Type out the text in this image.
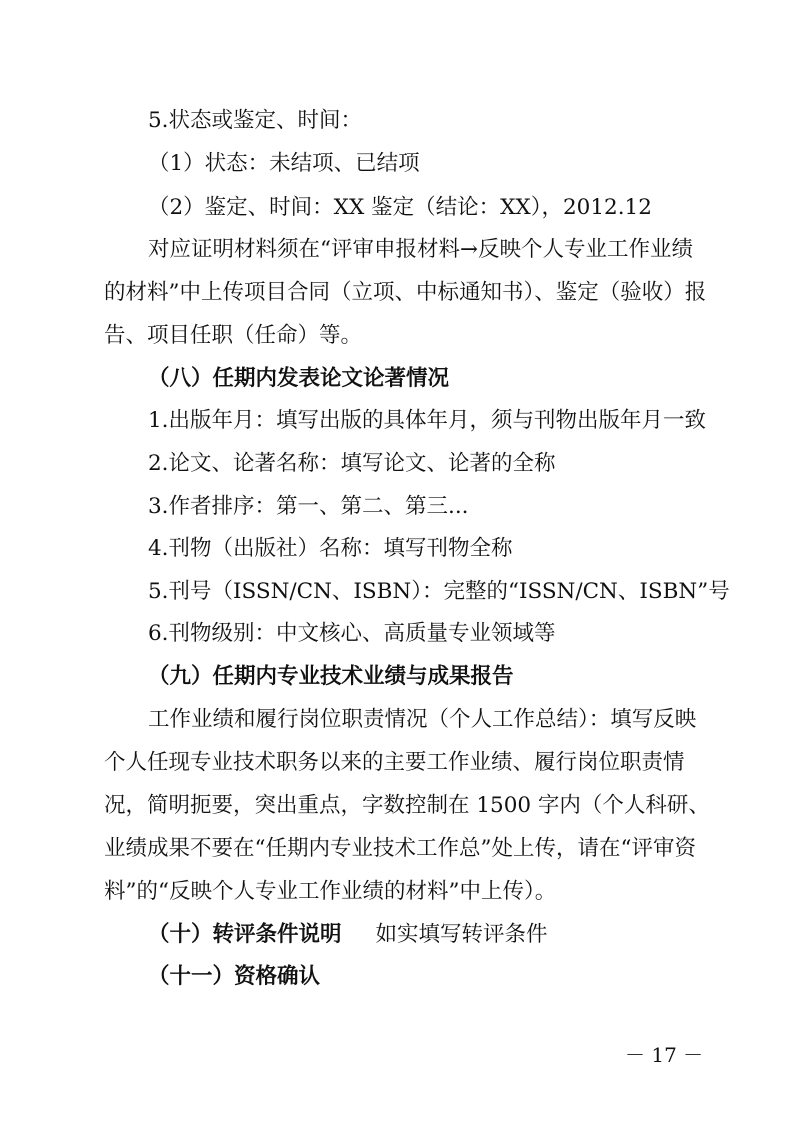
5.状态或鉴定、时间：
（1）状态：未结项、已结项
（2）鉴定、时间：XX 鉴定（结论：XX），2012.12
对应证明材料须在“评审申报材料→反映个人专业工作业绩
的材料”中上传项目合同（立项、中标通知书）、鉴定（验收）报
告、项目任职（任命）等。
（八）任期内发表论文论著情况
1.出版年月：填写出版的具体年月，须与刊物出版年月一致
2.论文、论著名称：填写论文、论著的全称
3.作者排序：第一、第二、第三...
4.刊物（出版社）名称：填写刊物全称
5.刊号（ISSN/CN、ISBN）：完整的“ISSN/CN、ISBN”号
6.刊物级别：中文核心、高质量专业领域等
（九）任期内专业技术业绩与成果报告
工作业绩和履行岗位职责情况（个人工作总结）：填写反映
个人任现专业技术职务以来的主要工作业绩、履行岗位职责情
况，简明扼要，突出重点，字数控制在 1500 字内（个人科研、
业绩成果不要在“任期内专业技术工作总”处上传，请在“评审资
料”的“反映个人专业工作业绩的材料”中上传）。
（十）转评条件说明 如实填写转评条件
（十一）资格确认
－ 17 －
